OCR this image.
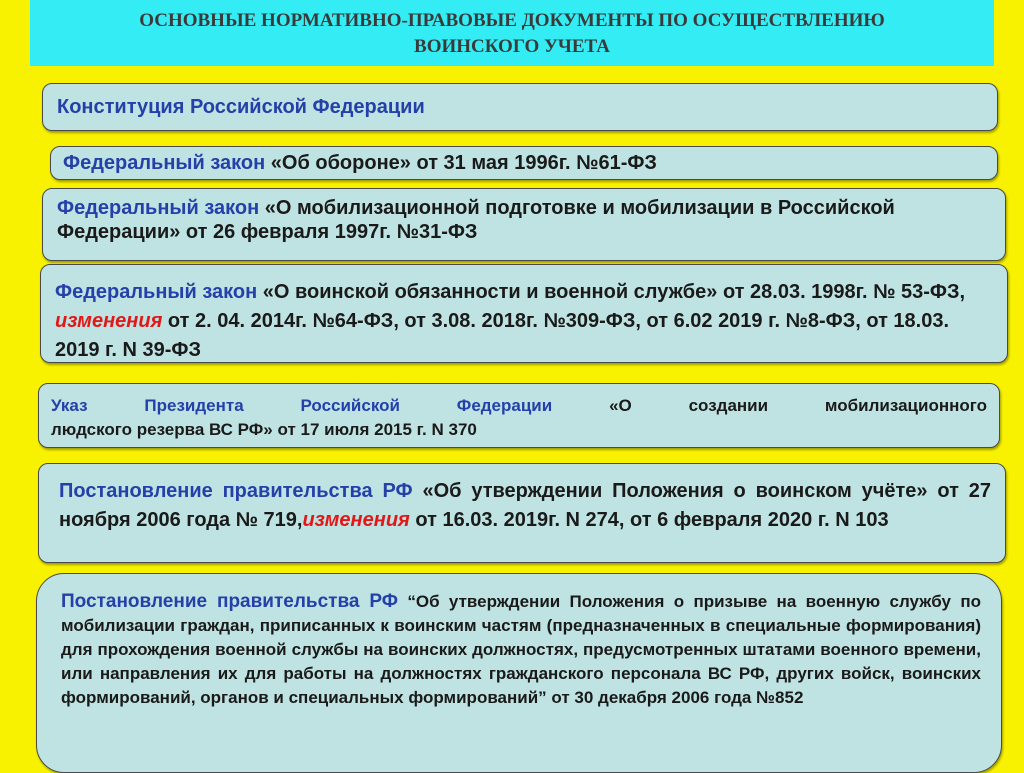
ОСНОВНЫЕ НОРМАТИВНО-ПРАВОВЫЕ ДОКУМЕНТЫ ПО ОСУЩЕСТВЛЕНИЮ
ВОИНСКОГО УЧЕТА
Конституция Российской Федерации
Федеральный закон «Об обороне» от 31 мая 1996г. №61-ФЗ
Федеральный закон «О мобилизационной подготовке и мобилизации в Российской Федерации» от 26 февраля 1997г. №31-ФЗ
Федеральный закон «О воинской обязанности и военной службе» от 28.03. 1998г. № 53-ФЗ, изменения от 2. 04. 2014г. №64-ФЗ, от 3.08. 2018г. №309-ФЗ, от 6.02 2019 г. №8-ФЗ, от 18.03. 2019 г. N 39-ФЗ
Указ Президента Российской Федерации «О создании мобилизационного
людского резерва ВС РФ» от 17 июля 2015 г. N 370
Постановление правительства РФ «Об утверждении Положения о воинском учёте» от 27 ноября 2006 года № 719,изменения от 16.03. 2019г. N 274, от 6 февраля 2020 г. N 103
Постановление правительства РФ “Об утверждении Положения о призыве на военную службу по мобилизации граждан, приписанных к воинским частям (предназначенных в специальные формирования) для прохождения военной службы на воинских должностях, предусмотренных штатами военного времени, или направления их для работы на должностях гражданского персонала ВС РФ, других войск, воинских формирований, органов и специальных формирований” от 30 декабря 2006 года №852
